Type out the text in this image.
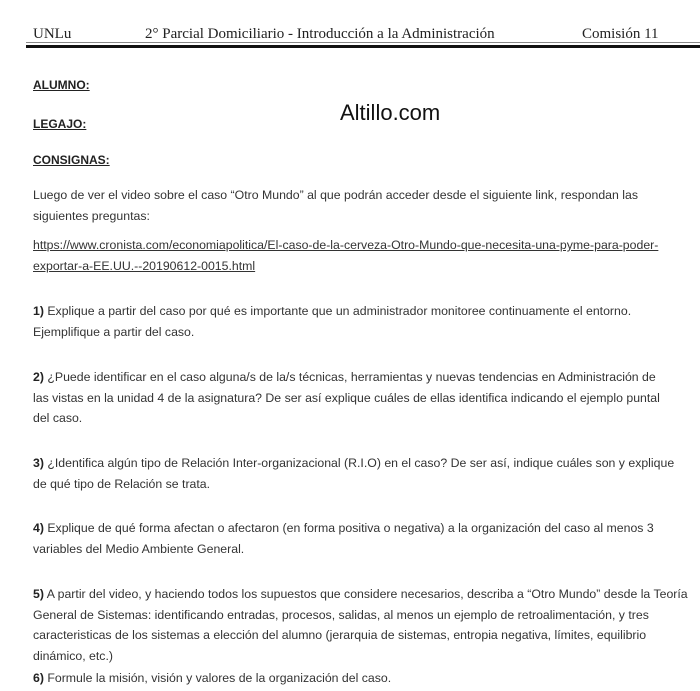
UNLu	2° Parcial Domiciliario - Introducción a la Administración	Comisión 11
ALUMNO:
LEGAJO:	Altillo.com
CONSIGNAS:
Luego de ver el video sobre el caso “Otro Mundo” al que podrán acceder desde el siguiente link, respondan las siguientes preguntas:
https://www.cronista.com/economiapolitica/El-caso-de-la-cerveza-Otro-Mundo-que-necesita-una-pyme-para-poder-exportar-a-EE.UU.--20190612-0015.html
1) Explique a partir del caso por qué es importante que un administrador monitoree continuamente el entorno. Ejemplifique a partir del caso.
2) ¿Puede identificar en el caso alguna/s de la/s técnicas, herramientas y nuevas tendencias en Administración de las vistas en la unidad 4 de la asignatura? De ser así explique cuáles de ellas identifica indicando el ejemplo puntal del caso.
3) ¿Identifica algún tipo de Relación Inter-organizacional (R.I.O) en el caso? De ser así, indique cuáles son y explique de qué tipo de Relación se trata.
4) Explique de qué forma afectan o afectaron (en forma positiva o negativa) a la organización del caso al menos 3 variables del Medio Ambiente General.
5) A partir del video, y haciendo todos los supuestos que considere necesarios, describa a “Otro Mundo” desde la Teoría General de Sistemas: identificando entradas, procesos, salidas, al menos un ejemplo de retroalimentación, y tres caracteristicas de los sistemas a elección del alumno (jerarquia de sistemas, entropia negativa, límites, equilibrio dinámico, etc.)
6) Formule la misión, visión y valores de la organización del caso.
